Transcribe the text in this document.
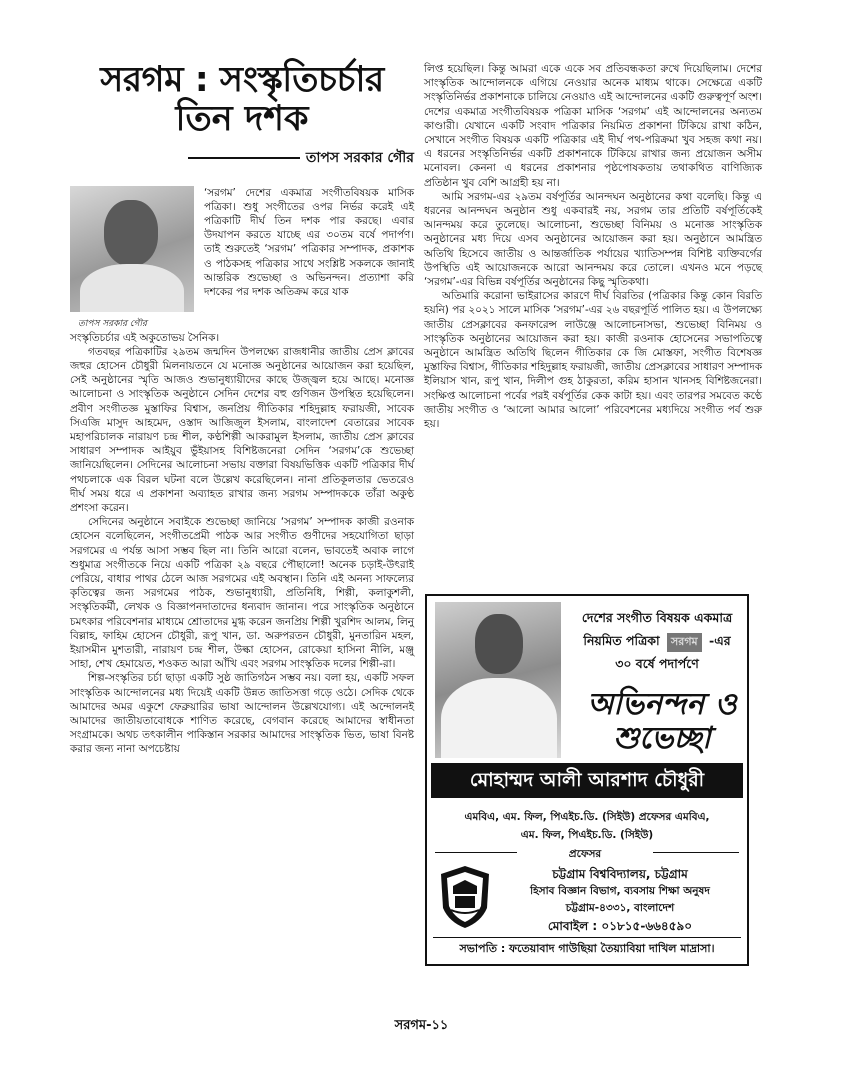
সরগম : সংস্কৃতিচর্চার
তিন দশক
তাপস সরকার গৌর
তাপস সরকার গৌর

‘সরগম’ দেশের একমাত্র সংগীতবিষয়ক মাসিক পত্রিকা। শুধু সংগীতের ওপর নির্ভর করেই এই পত্রিকাটি দীর্ঘ তিন দশক পার করছে। এবার উদযাপন করতে যাচ্ছে এর ৩০তম বর্ষে পদার্পণ। তাই শুরুতেই ‘সরগম’ পত্রিকার সম্পাদক, প্রকাশক ও পাঠকসহ পত্রিকার সাথে সংশ্লিষ্ট সকলকে জানাই আন্তরিক শুভেচ্ছা ও অভিনন্দন। প্রত্যাশা করি দশকের পর দশক অতিক্রম করে যাক

সংস্কৃতিচর্চার এই অকুতোভয় সৈনিক।

গতবছর পত্রিকাটির ২৯তম জন্মদিন উপলক্ষ্যে রাজধানীর জাতীয় প্রেস ক্লাবের জহুর হোসেন চৌধুরী মিলনায়তনে যে মনোজ্ঞ অনুষ্ঠানের আয়োজন করা হয়েছিল, সেই অনুষ্ঠানের স্মৃতি আজও শুভানুধ্যায়ীদের কাছে উজ্জ্বল হয়ে আছে। মনোজ্ঞ আলোচনা ও সাংস্কৃতিক অনুষ্ঠানে সেদিন দেশের বহু গুণিজন উপস্থিত হয়েছিলেন। প্রবীণ সংগীতজ্ঞ মুস্তাফির বিশ্বাস, জনপ্রিয় গীতিকার শহিদুল্লাহ ফরায়জী, সাবেক সিএজি মাসুদ আহমেদ, ওস্তাদ আজিজুল ইসলাম, বাংলাদেশ বেতারের সাবেক মহাপরিচালক নারায়ণ চন্দ্র শীল, কণ্ঠশিল্পী আকরামুল ইসলাম, জাতীয় প্রেস ক্লাবের সাধারণ সম্পাদক আইয়ুব ভুঁইয়াসহ বিশিষ্টজনেরা সেদিন ‘সরগম’কে শুভেচ্ছা জানিয়েছিলেন। সেদিনের আলোচনা সভায় বক্তারা বিষয়ভিত্তিক একটি পত্রিকার দীর্ঘ পথচলাকে এক বিরল ঘটনা বলে উল্লেখ করেছিলেন। নানা প্রতিকূলতার ভেতরেও দীর্ঘ সময় ধরে এ প্রকাশনা অব্যাহত রাখার জন্য সরগম সম্পাদককে তাঁরা অকুণ্ঠ প্রশংসা করেন।

সেদিনের অনুষ্ঠানে সবাইকে শুভেচ্ছা জানিয়ে ‘সরগম’ সম্পাদক কাজী রওনাক হোসেন বলেছিলেন, সংগীতপ্রেমী পাঠক আর সংগীত গুণীদের সহযোগিতা ছাড়া সরগমের এ পর্যন্ত আসা সম্ভব ছিল না। তিনি আরো বলেন, ভাবতেই অবাক লাগে শুধুমাত্র সংগীতকে নিয়ে একটি পত্রিকা ২৯ বছরে পৌছালো! অনেক চড়াই-উৎরাই পেরিয়ে, বাধার পাথর ঠেলে আজ সরগমের এই অবস্থান। তিনি এই অনন্য সাফল্যের কৃতিত্বের জন্য সরগমের পাঠক, শুভানুধ্যায়ী, প্রতিনিধি, শিল্পী, কলাকুশলী, সংস্কৃতিকর্মী, লেখক ও বিজ্ঞাপনদাতাদের ধন্যবাদ জানান। পরে সাংস্কৃতিক অনুষ্ঠানে চমৎকার পরিবেশনার মাধ্যমে শ্রোতাদের মুগ্ধ করেন জনপ্রিয় শিল্পী খুরশিদ আলম, লিনু বিল্লাহ, ফাহিম হোসেন চৌধুরী, রূপু খান, ডা. অরুপরতন চৌধুরী, মুনতারিন মহল, ইয়াসমীন মুশতারী, নারায়ণ চন্দ্র শীল, উল্কা হোসেন, রোকেয়া হাসিনা নীলি, মঞ্জু সাহা, শেখ হেমায়েত, শওকত আরা আঁখি এবং সরগম সাংস্কৃতিক দলের শিল্পী-রা।

শিল্প-সংস্কৃতির চর্চা ছাড়া একটি সুষ্ঠ জাতিগঠন সম্ভব নয়। বলা হয়, একটি সফল সাংস্কৃতিক আন্দোলনের মধ্য দিয়েই একটি উন্নত জাতিসত্তা গড়ে ওঠে। সেদিক থেকে আমাদের অমর একুশে ফেব্রুয়ারির ভাষা আন্দোলন উল্লেখযোগ্য। এই অন্দোলনই আমাদের জাতীয়তাবোধকে শাণিত করেছে, বেগবান করেছে আমাদের স্বাধীনতা সংগ্রামকে। অথচ তৎকালীন পাকিস্তান সরকার আমাদের সাংস্কৃতিক ভিত, ভাষা বিনষ্ট করার জন্য নানা অপচেষ্টায়

লিপ্ত হয়েছিল। কিন্তু আমরা একে একে সব প্রতিবন্ধকতা রুখে দিয়েছিলাম। দেশের সাংস্কৃতিক আন্দোলনকে এগিয়ে নেওয়ার অনেক মাধ্যম থাকে। সেক্ষেত্রে একটি সংস্কৃতিনির্ভর প্রকাশনাকে চালিয়ে নেওয়াও এই আন্দোলনের একটি গুরুত্বপূর্ণ অংশ। দেশের একমাত্র সংগীতবিষয়ক পত্রিকা মাসিক ‘সরগম’ এই আন্দোলনের অন্যতম কাণ্ডারী। যেখানে একটি সংবাদ পত্রিকার নিয়মিত প্রকাশনা টিকিয়ে রাখা কঠিন, সেখানে সংগীত বিষয়ক একটি পত্রিকার এই দীর্ঘ পথ-পরিক্রমা খুব সহজ কথা নয়। এ ধরনের সংস্কৃতিনির্ভর একটি প্রকাশনাকে টিকিয়ে রাখার জন্য প্রয়োজন অসীম মনোবল। কেননা এ ধরনের প্রকাশনার পৃষ্ঠপোষকতায় তথাকথিত বাণিজ্যিক প্রতিষ্ঠান খুব বেশি আগ্রহী হয় না।

আমি সরগম-এর ২৯তম বর্ষপূর্তির আনন্দঘন অনুষ্ঠানের কথা বলেছি। কিন্তু এ ধরনের আনন্দঘন অনুষ্ঠান শুধু একবারই নয়, সরগম তার প্রতিটি বর্ষপূর্তিকেই আনন্দময় করে তুলেছে। আলোচনা, শুভেচ্ছা বিনিময় ও মনোজ্ঞ সাংস্কৃতিক অনুষ্ঠানের মধ্য দিয়ে এসব অনুষ্ঠানের আয়োজন করা হয়। অনুষ্ঠানে আমন্ত্রিত অতিথি হিসেবে জাতীয় ও আন্তর্জাতিক পর্যায়ের খ্যাতিসম্পন্ন বিশিষ্ট ব্যক্তিবর্গের উপস্থিতি এই আয়োজনকে আরো আনন্দময় করে তোলে। এখনও মনে পড়ছে ‘সরগম’-এর বিভিন্ন বর্ষপূর্তির অনুষ্ঠানের কিছু স্মৃতিকথা।

অতিমারি করোনা ভাইরাসের কারণে দীর্ঘ বিরতির (পত্রিকার কিন্তু কোন বিরতি হয়নি) পর ২০২১ সালে মাসিক ‘সরগম’-এর ২৬ বছরপূর্তি পালিত হয়। এ উপলক্ষ্যে জাতীয় প্রেসক্লাবের কনফারেন্স লাউঞ্জে আলোচনাসভা, শুভেচ্ছা বিনিময় ও সাংস্কৃতিক অনুষ্ঠানের আয়োজন করা হয়। কাজী রওনাক হোসেনের সভাপতিত্বে অনুষ্ঠানে আমন্ত্রিত অতিথি ছিলেন গীতিকার কে জি মোস্তফা, সংগীত বিশেষজ্ঞ মুস্তাফির বিশ্বাস, গীতিকার শহিদুল্লাহ ফরায়জী, জাতীয় প্রেসক্লাবের সাধারণ সম্পাদক ইলিয়াস খান, রূপু খান, দিলীপ গুহ ঠাকুরতা, করিম হাসান খানসহ বিশিষ্টজনেরা। সংক্ষিপ্ত আলোচনা পর্বের পরই বর্ষপূর্তির কেক কাটা হয়। এবং তারপর সমবেত কণ্ঠে জাতীয় সংগীত ও ‘আলো আমার আলো’ পরিবেশনের মধ্যদিয়ে সংগীত পর্ব শুরু হয়।

দেশের সংগীত বিষয়ক একমাত্র
নিয়মিত পত্রিকা সরগম -এর
৩০ বর্ষে পদার্পণে
অভিনন্দন ও
শুভেচ্ছা
মোহাম্মদ আলী আরশাদ চৌধুরী
এমবিএ, এম. ফিল, পিএইচ.ডি. (সিইউ) প্রফেসর এমবিএ,
এম. ফিল, পিএইচ.ডি. (সিইউ)
প্রফেসর
চট্টগ্রাম বিশ্ববিদ্যালয়, চট্টগ্রাম
হিসাব বিজ্ঞান বিভাগ, ব্যবসায় শিক্ষা অনুষদ
চট্টগ্রাম-৪৩৩১, বাংলাদেশ
মোবাইল : ০১৮১৫-৬৬৪৫৯০
সভাপতি : ফতেয়াবাদ গাউছিয়া তৈয়্যাবিয়া দাখিল মাদ্রাসা।
সরগম-১১
